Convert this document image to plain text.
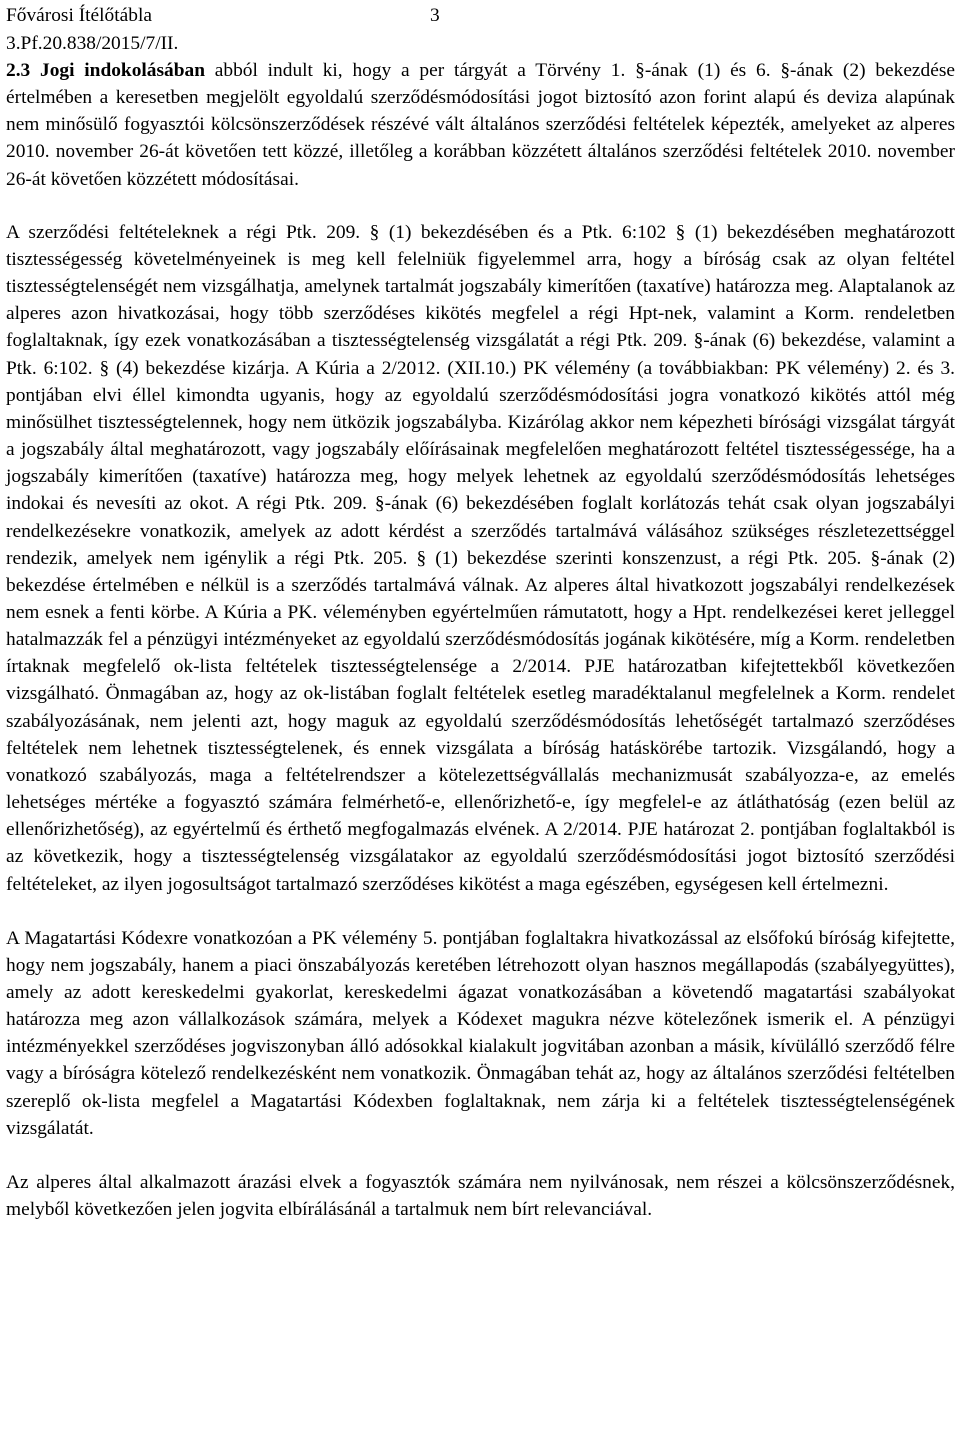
Fővárosi Ítélőtábla	3
3.Pf.20.838/2015/7/II.

2.3 Jogi indokolásában abból indult ki, hogy a per tárgyát a Törvény 1. §-ának (1) és 6. §-ának (2) bekezdése értelmében a keresetben megjelölt egyoldalú szerződésmódosítási jogot biztosító azon forint alapú és deviza alapúnak nem minősülő fogyasztói kölcsönszerződések részévé vált általános szerződési feltételek képezték, amelyeket az alperes 2010. november 26-át követően tett közzé, illetőleg a korábban közzétett általános szerződési feltételek 2010. november 26-át követően közzétett módosításai.

A szerződési feltételeknek a régi Ptk. 209. § (1) bekezdésében és a Ptk. 6:102 § (1) bekezdésében meghatározott tisztességesség követelményeinek is meg kell felelniük figyelemmel arra, hogy a bíróság csak az olyan feltétel tisztességtelenségét nem vizsgálhatja, amelynek tartalmát jogszabály kimerítően (taxatíve) határozza meg. Alaptalanok az alperes azon hivatkozásai, hogy több szerződéses kikötés megfelel a régi Hpt-nek, valamint a Korm. rendeletben foglaltaknak, így ezek vonatkozásában a tisztességtelenség vizsgálatát a régi Ptk. 209. §-ának (6) bekezdése, valamint a Ptk. 6:102. § (4) bekezdése kizárja. A Kúria a 2/2012. (XII.10.) PK vélemény (a továbbiakban: PK vélemény) 2. és 3. pontjában elvi éllel kimondta ugyanis, hogy az egyoldalú szerződésmódosítási jogra vonatkozó kikötés attól még minősülhet tisztességtelennek, hogy nem ütközik jogszabályba. Kizárólag akkor nem képezheti bírósági vizsgálat tárgyát a jogszabály által meghatározott, vagy jogszabály előírásainak megfelelően meghatározott feltétel tisztességessége, ha a jogszabály kimerítően (taxatíve) határozza meg, hogy melyek lehetnek az egyoldalú szerződésmódosítás lehetséges indokai és nevesíti az okot. A régi Ptk. 209. §-ának (6) bekezdésében foglalt korlátozás tehát csak olyan jogszabályi rendelkezésekre vonatkozik, amelyek az adott kérdést a szerződés tartalmává válásához szükséges részletezettséggel rendezik, amelyek nem igénylik a régi Ptk. 205. § (1) bekezdése szerinti konszenzust, a régi Ptk. 205. §-ának (2) bekezdése értelmében e nélkül is a szerződés tartalmává válnak. Az alperes által hivatkozott jogszabályi rendelkezések nem esnek a fenti körbe. A Kúria a PK. véleményben egyértelműen rámutatott, hogy a Hpt. rendelkezései keret jelleggel hatalmazzák fel a pénzügyi intézményeket az egyoldalú szerződésmódosítás jogának kikötésére, míg a Korm. rendeletben írtaknak megfelelő ok-lista feltételek tisztességtelensége a 2/2014. PJE határozatban kifejtettekből következően vizsgálható. Önmagában az, hogy az ok-listában foglalt feltételek esetleg maradéktalanul megfelelnek a Korm. rendelet szabályozásának, nem jelenti azt, hogy maguk az egyoldalú szerződésmódosítás lehetőségét tartalmazó szerződéses feltételek nem lehetnek tisztességtelenek, és ennek vizsgálata a bíróság hatáskörébe tartozik. Vizsgálandó, hogy a vonatkozó szabályozás, maga a feltételrendszer a kötelezettségvállalás mechanizmusát szabályozza-e, az emelés lehetséges mértéke a fogyasztó számára felmérhető-e, ellenőrizhető-e, így megfelel-e az átláthatóság (ezen belül az ellenőrizhetőség), az egyértelmű és érthető megfogalmazás elvének. A 2/2014. PJE határozat 2. pontjában foglaltakból is az következik, hogy a tisztességtelenség vizsgálatakor az egyoldalú szerződésmódosítási jogot biztosító szerződési feltételeket, az ilyen jogosultságot tartalmazó szerződéses kikötést a maga egészében, egységesen kell értelmezni.

A Magatartási Kódexre vonatkozóan a PK vélemény 5. pontjában foglaltakra hivatkozással az elsőfokú bíróság kifejtette, hogy nem jogszabály, hanem a piaci önszabályozás keretében létrehozott olyan hasznos megállapodás (szabályegyüttes), amely az adott kereskedelmi gyakorlat, kereskedelmi ágazat vonatkozásában a követendő magatartási szabályokat határozza meg azon vállalkozások számára, melyek a Kódexet magukra nézve kötelezőnek ismerik el. A pénzügyi intézményekkel szerződéses jogviszonyban álló adósokkal kialakult jogvitában azonban a másik, kívülálló szerződő félre vagy a bíróságra kötelező rendelkezésként nem vonatkozik. Önmagában tehát az, hogy az általános szerződési feltételben szereplő ok-lista megfelel a Magatartási Kódexben foglaltaknak, nem zárja ki a feltételek tisztességtelenségének vizsgálatát.

Az alperes által alkalmazott árazási elvek a fogyasztók számára nem nyilvánosak, nem részei a kölcsönszerződésnek, melyből következően jelen jogvita elbírálásánál a tartalmuk nem bírt relevanciával.
